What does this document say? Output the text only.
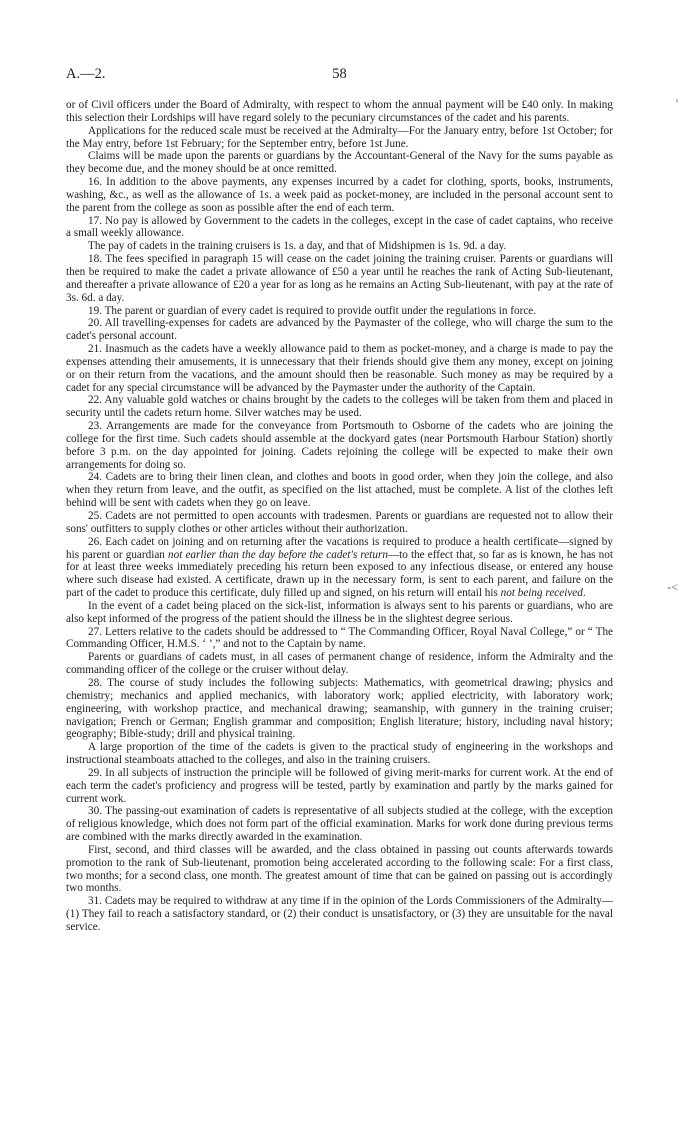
A.—2.	58
'
-<

or of Civil officers under the Board of Admiralty, with respect to whom the annual payment will be £40 only. In making this selection their Lordships will have regard solely to the pecuniary circumstances of the cadet and his parents.

Applications for the reduced scale must be received at the Admiralty—For the January entry, before 1st October; for the May entry, before 1st February; for the September entry, before 1st June.

Claims will be made upon the parents or guardians by the Accountant-General of the Navy for the sums payable as they become due, and the money should be at once remitted.

16. In addition to the above payments, any expenses incurred by a cadet for clothing, sports, books, instruments, washing, &c., as well as the allowance of 1s. a week paid as pocket-money, are included in the personal account sent to the parent from the college as soon as possible after the end of each term.

17. No pay is allowed by Government to the cadets in the colleges, except in the case of cadet captains, who receive a small weekly allowance.

The pay of cadets in the training cruisers is 1s. a day, and that of Midshipmen is 1s. 9d. a day.

18. The fees specified in paragraph 15 will cease on the cadet joining the training cruiser. Parents or guardians will then be required to make the cadet a private allowance of £50 a year until he reaches the rank of Acting Sub-lieutenant, and thereafter a private allowance of £20 a year for as long as he remains an Acting Sub-lieutenant, with pay at the rate of 3s. 6d. a day.

19. The parent or guardian of every cadet is required to provide outfit under the regulations in force.

20. All travelling-expenses for cadets are advanced by the Paymaster of the college, who will charge the sum to the cadet's personal account.

21. Inasmuch as the cadets have a weekly allowance paid to them as pocket-money, and a charge is made to pay the expenses attending their amusements, it is unnecessary that their friends should give them any money, except on joining or on their return from the vacations, and the amount should then be reasonable. Such money as may be required by a cadet for any special circumstance will be advanced by the Paymaster under the authority of the Captain.

22. Any valuable gold watches or chains brought by the cadets to the colleges will be taken from them and placed in security until the cadets return home. Silver watches may be used.

23. Arrangements are made for the conveyance from Portsmouth to Osborne of the cadets who are joining the college for the first time. Such cadets should assemble at the dockyard gates (near Portsmouth Harbour Station) shortly before 3 p.m. on the day appointed for joining. Cadets rejoining the college will be expected to make their own arrangements for doing so.

24. Cadets are to bring their linen clean, and clothes and boots in good order, when they join the college, and also when they return from leave, and the outfit, as specified on the list attached, must be complete. A list of the clothes left behind will be sent with cadets when they go on leave.

25. Cadets are not permitted to open accounts with tradesmen. Parents or guardians are requested not to allow their sons' outfitters to supply clothes or other articles without their authorization.

26. Each cadet on joining and on returning after the vacations is required to produce a health certificate—signed by his parent or guardian not earlier than the day before the cadet's return—to the effect that, so far as is known, he has not for at least three weeks immediately preceding his return been exposed to any infectious disease, or entered any house where such disease had existed. A certificate, drawn up in the necessary form, is sent to each parent, and failure on the part of the cadet to produce this certificate, duly filled up and signed, on his return will entail his not being received.

In the event of a cadet being placed on the sick-list, information is always sent to his parents or guardians, who are also kept informed of the progress of the patient should the illness be in the slightest degree serious.

27. Letters relative to the cadets should be addressed to “ The Commanding Officer, Royal Naval College,” or “ The Commanding Officer, H.M.S. ‘ ’,” and not to the Captain by name.

Parents or guardians of cadets must, in all cases of permanent change of residence, inform the Admiralty and the commanding officer of the college or the cruiser without delay.

28. The course of study includes the following subjects: Mathematics, with geometrical drawing; physics and chemistry; mechanics and applied mechanics, with laboratory work; applied electricity, with laboratory work; engineering, with workshop practice, and mechanical drawing; seamanship, with gunnery in the training cruiser; navigation; French or German; English grammar and composition; English literature; history, including naval history; geography; Bible-study; drill and physical training.

A large proportion of the time of the cadets is given to the practical study of engineering in the workshops and instructional steamboats attached to the colleges, and also in the training cruisers.

29. In all subjects of instruction the principle will be followed of giving merit-marks for current work. At the end of each term the cadet's proficiency and progress will be tested, partly by examination and partly by the marks gained for current work.

30. The passing-out examination of cadets is representative of all subjects studied at the college, with the exception of religious knowledge, which does not form part of the official examination. Marks for work done during previous terms are combined with the marks directly awarded in the examination.

First, second, and third classes will be awarded, and the class obtained in passing out counts afterwards towards promotion to the rank of Sub-lieutenant, promotion being accelerated according to the following scale: For a first class, two months; for a second class, one month. The greatest amount of time that can be gained on passing out is accordingly two months.

31. Cadets may be required to withdraw at any time if in the opinion of the Lords Commissioners of the Admiralty—(1) They fail to reach a satisfactory standard, or (2) their conduct is unsatisfactory, or (3) they are unsuitable for the naval service.
